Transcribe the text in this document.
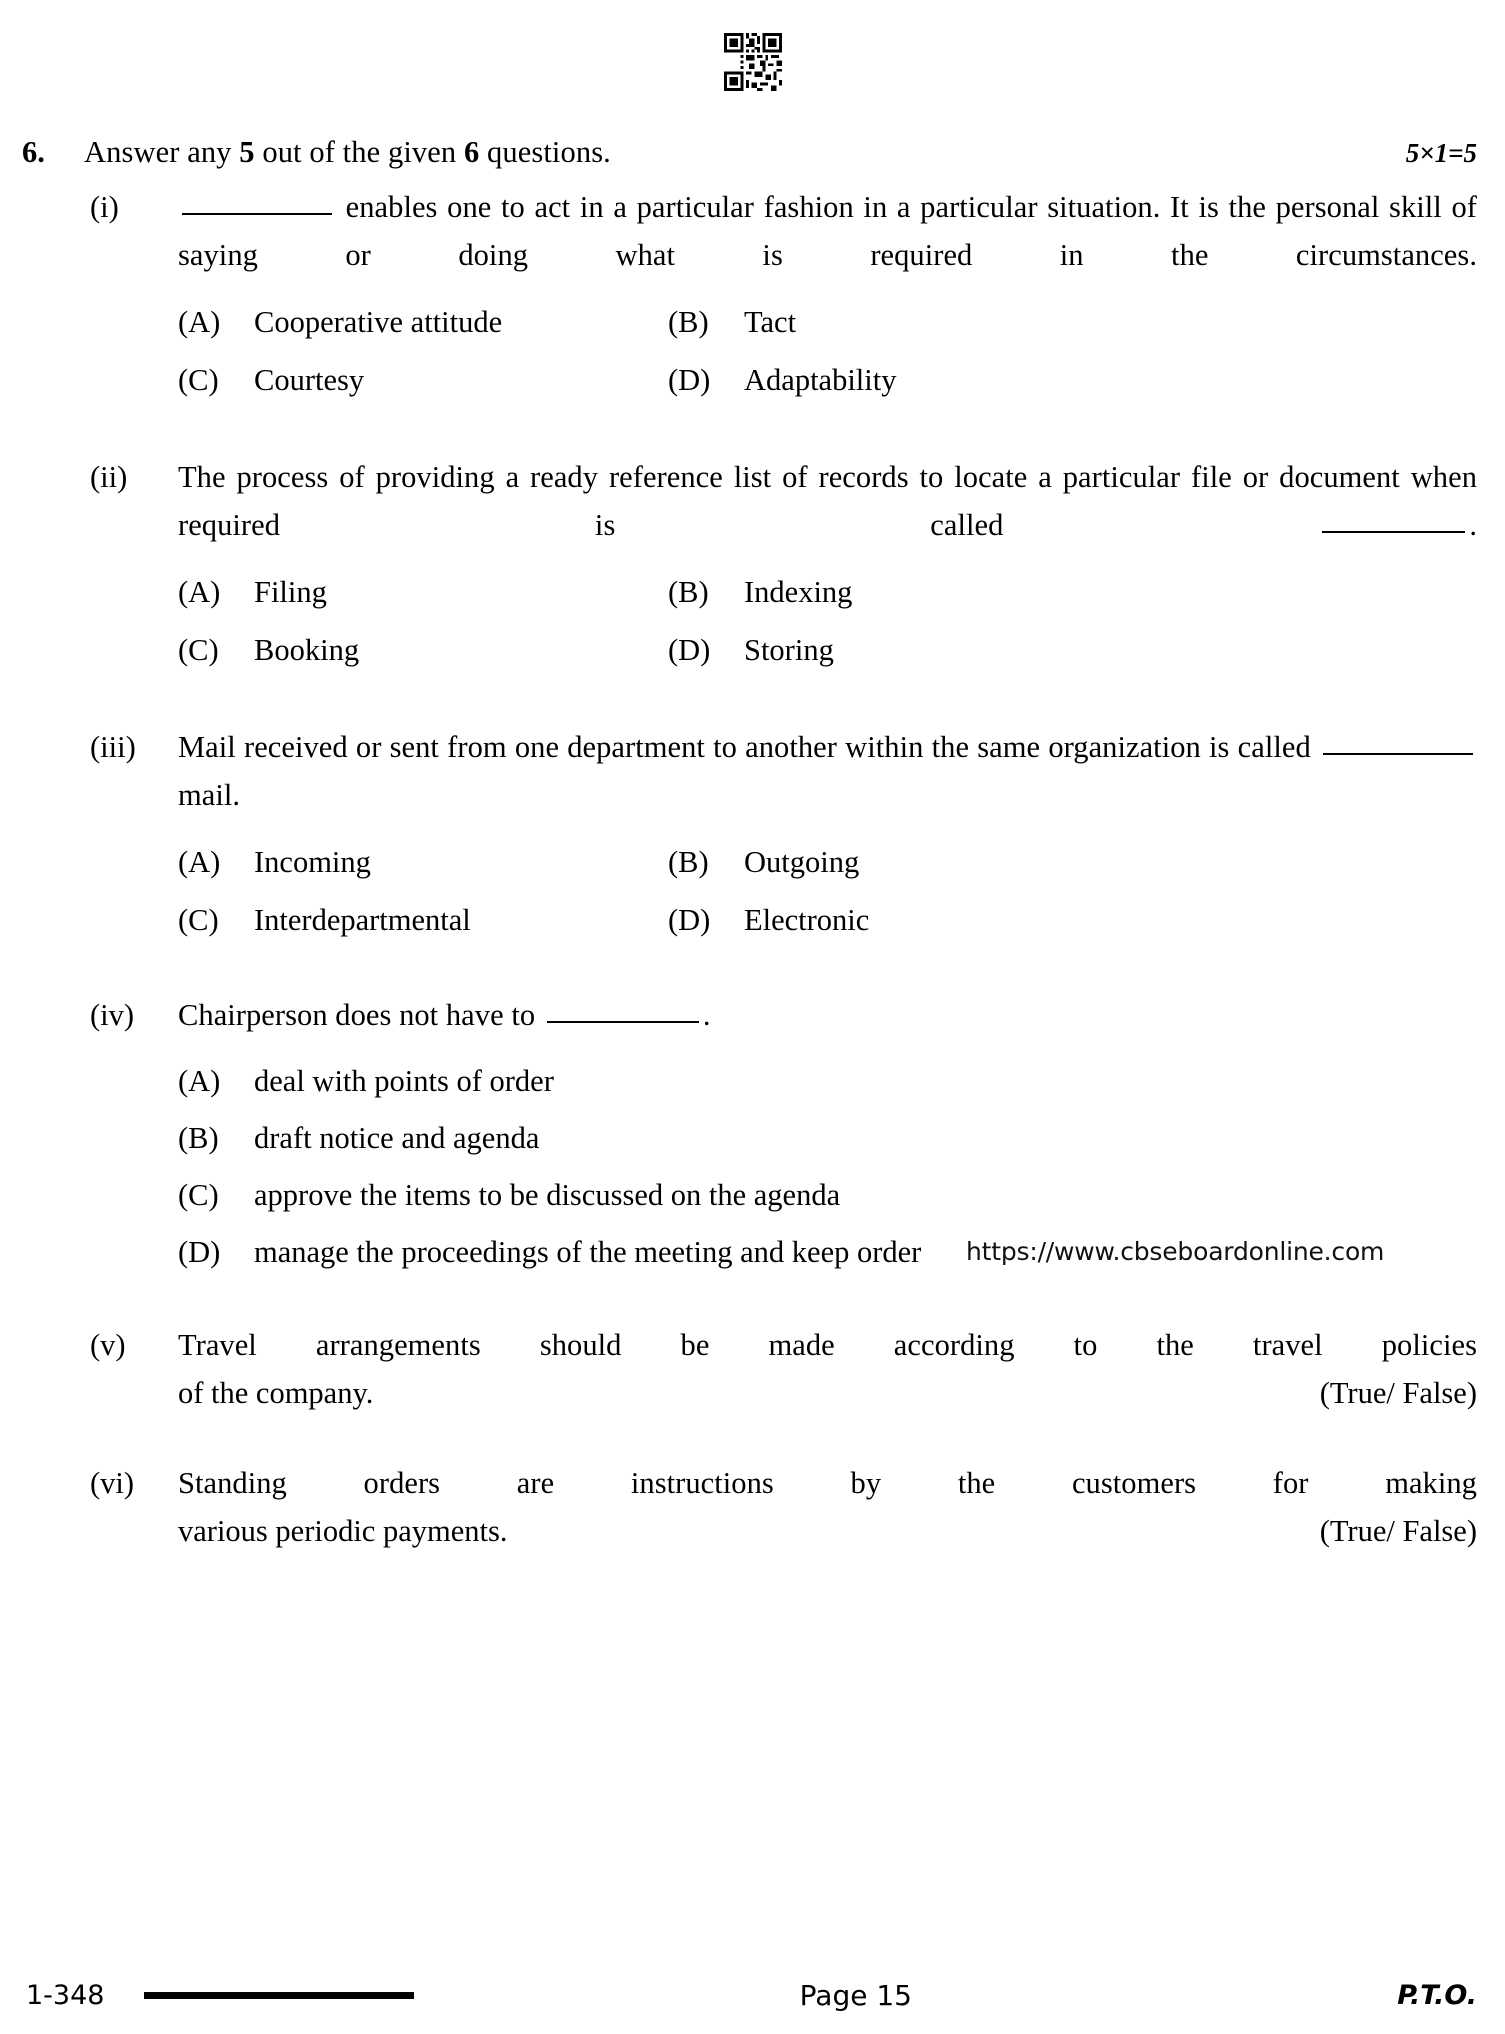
6.	Answer any 5 out of the given 6 questions.	5×1=5
(i)	enables one to act in a particular fashion in a particular situation. It is the personal skill of saying or doing what is required in the circumstances.
(A)	Cooperative attitude	(B)	Tact
(C)	Courtesy	(D)	Adaptability
(ii)	The process of providing a ready reference list of records to locate a particular file or document when required is called	.
(A)	Filing	(B)	Indexing
(C)	Booking	(D)	Storing
(iii)	Mail received or sent from one department to another within the same organization is called  mail.
(A)	Incoming	(B)	Outgoing
(C)	Interdepartmental	(D)	Electronic
(iv)	Chairperson does not have to	.
(A)	deal with points of order
(B)	draft notice and agenda
(C)	approve the items to be discussed on the agenda
(D)	manage the proceedings of the meeting and keep order
(v)	Travel arrangements should be made according to the travel policies
of the company.	(True/ False)
(vi)	Standing orders are instructions by the customers for making
various periodic payments.	(True/ False)
https://www.cbseboardonline.com
1-348	Page 15	P.T.O.
